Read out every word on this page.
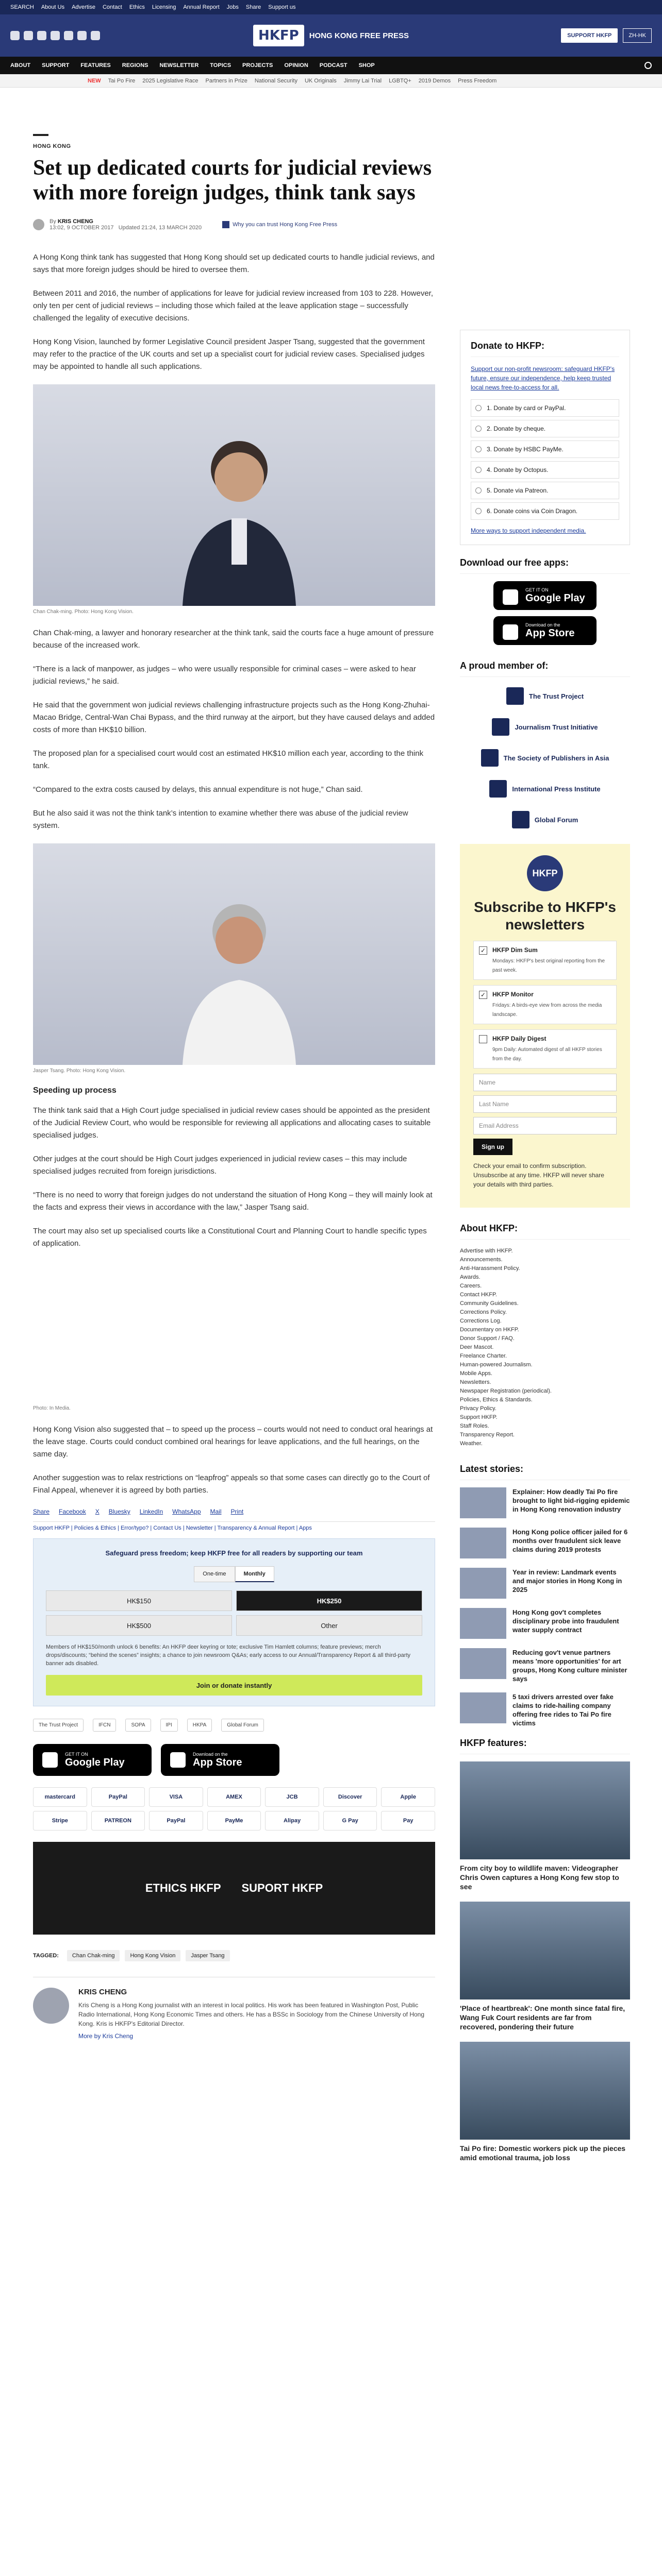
SEARCH About Us Advertise Contact Ethics Licensing Annual Report Jobs Share Support us
HKFP	HONG KONG FREE PRESS	SUPPORT HKFP	ZH-HK
ABOUT SUPPORT FEATURES REGIONS NEWSLETTER TOPICS PROJECTS OPINION PODCAST SHOP
NEW Tai Po Fire 2025 Legislative Race Partners in Prize National Security UK Originals Jimmy Lai Trial LGBTQ+ 2019 Demos Press Freedom
HONG KONG
Set up dedicated courts for judicial reviews with more foreign judges, think tank says
By KRIS CHENG
13:02, 9 OCTOBER 2017 Updated 21:24, 13 MARCH 2020	Why you can trust Hong Kong Free Press

A Hong Kong think tank has suggested that Hong Kong should set up dedicated courts to handle judicial reviews, and says that more foreign judges should be hired to oversee them.

Between 2011 and 2016, the number of applications for leave for judicial review increased from 103 to 228. However, only ten per cent of judicial reviews – including those which failed at the leave application stage – successfully challenged the legality of executive decisions.

Hong Kong Vision, launched by former Legislative Council president Jasper Tsang, suggested that the government may refer to the practice of the UK courts and set up a specialist court for judicial review cases. Specialised judges may be appointed to handle all such applications.

Chan Chak-ming. Photo: Hong Kong Vision.

Chan Chak-ming, a lawyer and honorary researcher at the think tank, said the courts face a huge amount of pressure because of the increased work.

“There is a lack of manpower, as judges – who were usually responsible for criminal cases – were asked to hear judicial reviews,” he said.

He said that the government won judicial reviews challenging infrastructure projects such as the Hong Kong-Zhuhai-Macao Bridge, Central-Wan Chai Bypass, and the third runway at the airport, but they have caused delays and added costs of more than HK$10 billion.

The proposed plan for a specialised court would cost an estimated HK$10 million each year, according to the think tank.

“Compared to the extra costs caused by delays, this annual expenditure is not huge,” Chan said.

But he also said it was not the think tank’s intention to examine whether there was abuse of the judicial review system.

Jasper Tsang. Photo: Hong Kong Vision.
Speeding up process

The think tank said that a High Court judge specialised in judicial review cases should be appointed as the president of the Judicial Review Court, who would be responsible for reviewing all applications and allocating cases to suitable specialised judges.

Other judges at the court should be High Court judges experienced in judicial review cases – this may include specialised judges recruited from foreign jurisdictions.

“There is no need to worry that foreign judges do not understand the situation of Hong Kong – they will mainly look at the facts and express their views in accordance with the law,” Jasper Tsang said.

The court may also set up specialised courts like a Constitutional Court and Planning Court to handle specific types of application.

Photo: In Media.

Hong Kong Vision also suggested that – to speed up the process – courts would not need to conduct oral hearings at the leave stage. Courts could conduct combined oral hearings for leave applications, and the full hearings, on the same day.

Another suggestion was to relax restrictions on “leapfrog” appeals so that some cases can directly go to the Court of Final Appeal, whenever it is agreed by both parties.

Share Facebook X Bluesky LinkedIn WhatsApp Mail Print
Support HKFP | Policies & Ethics | Error/typo? | Contact Us | Newsletter | Transparency & Annual Report | Apps
Safeguard press freedom; keep HKFP free for all readers by supporting our team
One-time	Monthly
HK$150	HK$250
HK$500	Other
Members of HK$150/month unlock 6 benefits: An HKFP deer keyring or tote; exclusive Tim Hamlett columns; feature previews; merch drops/discounts; “behind the scenes” insights; a chance to join newsroom Q&As; early access to our Annual/Transparency Report & all third-party banner ads disabled.
Join or donate instantly
The Trust Project	IFCN	SOPA	IPI	HKPA	Global Forum
GET IT ON
Google Play
Download on the
App Store
mastercard	PayPal	VISA	AMEX	JCB	Discover	Apple
Stripe	PATREON	PayPal	PayMe	Alipay	G Pay	Pay
ETHICS HKFP SUPORT HKFP
TAGGED:	Chan Chak-ming	Hong Kong Vision	Jasper Tsang
KRIS CHENG
Kris Cheng is a Hong Kong journalist with an interest in local politics. His work has been featured in Washington Post, Public Radio International, Hong Kong Economic Times and others. He has a BSSc in Sociology from the Chinese University of Hong Kong. Kris is HKFP's Editorial Director.
More by Kris Cheng
Donate to HKFP:
Support our non-profit newsroom: safeguard HKFP's future, ensure our independence, help keep trusted local news free-to-access for all.
1. Donate by card or PayPal.
2. Donate by cheque.
3. Donate by HSBC PayMe.
4. Donate by Octopus.
5. Donate via Patreon.
6. Donate coins via Coin Dragon.
More ways to support independent media.
Download our free apps:
GET IT ON
Google Play
Download on the
App Store
A proud member of:
The Trust Project
Journalism Trust Initiative
The Society of Publishers in Asia
International Press Institute
Global Forum
HKFP
Subscribe to HKFP's newsletters
✓ HKFP Dim Sum
Mondays: HKFP's best original reporting from the past week.
✓ HKFP Monitor
Fridays: A birds-eye view from across the media landscape.
HKFP Daily Digest
9pm Daily: Automated digest of all HKFP stories from the day.
Name
Last Name
Email Address
Sign up
Check your email to confirm subscription. Unsubscribe at any time. HKFP will never share your details with third parties.
About HKFP:
Advertise with HKFP.
Announcements.
Anti-Harassment Policy.
Awards.
Careers.
Contact HKFP.
Community Guidelines.
Corrections Policy.
Corrections Log.
Documentary on HKFP.
Donor Support / FAQ.
Deer Mascot.
Freelance Charter.
Human-powered Journalism.
Mobile Apps.
Newsletters.
Newspaper Registration (periodical).
Policies, Ethics & Standards.
Privacy Policy.
Support HKFP.
Staff Roles.
Transparency Report.
Weather.
Latest stories:
Explainer: How deadly Tai Po fire brought to light bid-rigging epidemic in Hong Kong renovation industry
Hong Kong police officer jailed for 6 months over fraudulent sick leave claims during 2019 protests
Year in review: Landmark events and major stories in Hong Kong in 2025
Hong Kong gov't completes disciplinary probe into fraudulent water supply contract
Reducing gov't venue partners means 'more opportunities' for art groups, Hong Kong culture minister says
5 taxi drivers arrested over fake claims to ride-hailing company offering free rides to Tai Po fire victims
HKFP features:
From city boy to wildlife maven: Videographer Chris Owen captures a Hong Kong few stop to see
'Place of heartbreak': One month since fatal fire, Wang Fuk Court residents are far from recovered, pondering their future
Tai Po fire: Domestic workers pick up the pieces amid emotional trauma, job loss
